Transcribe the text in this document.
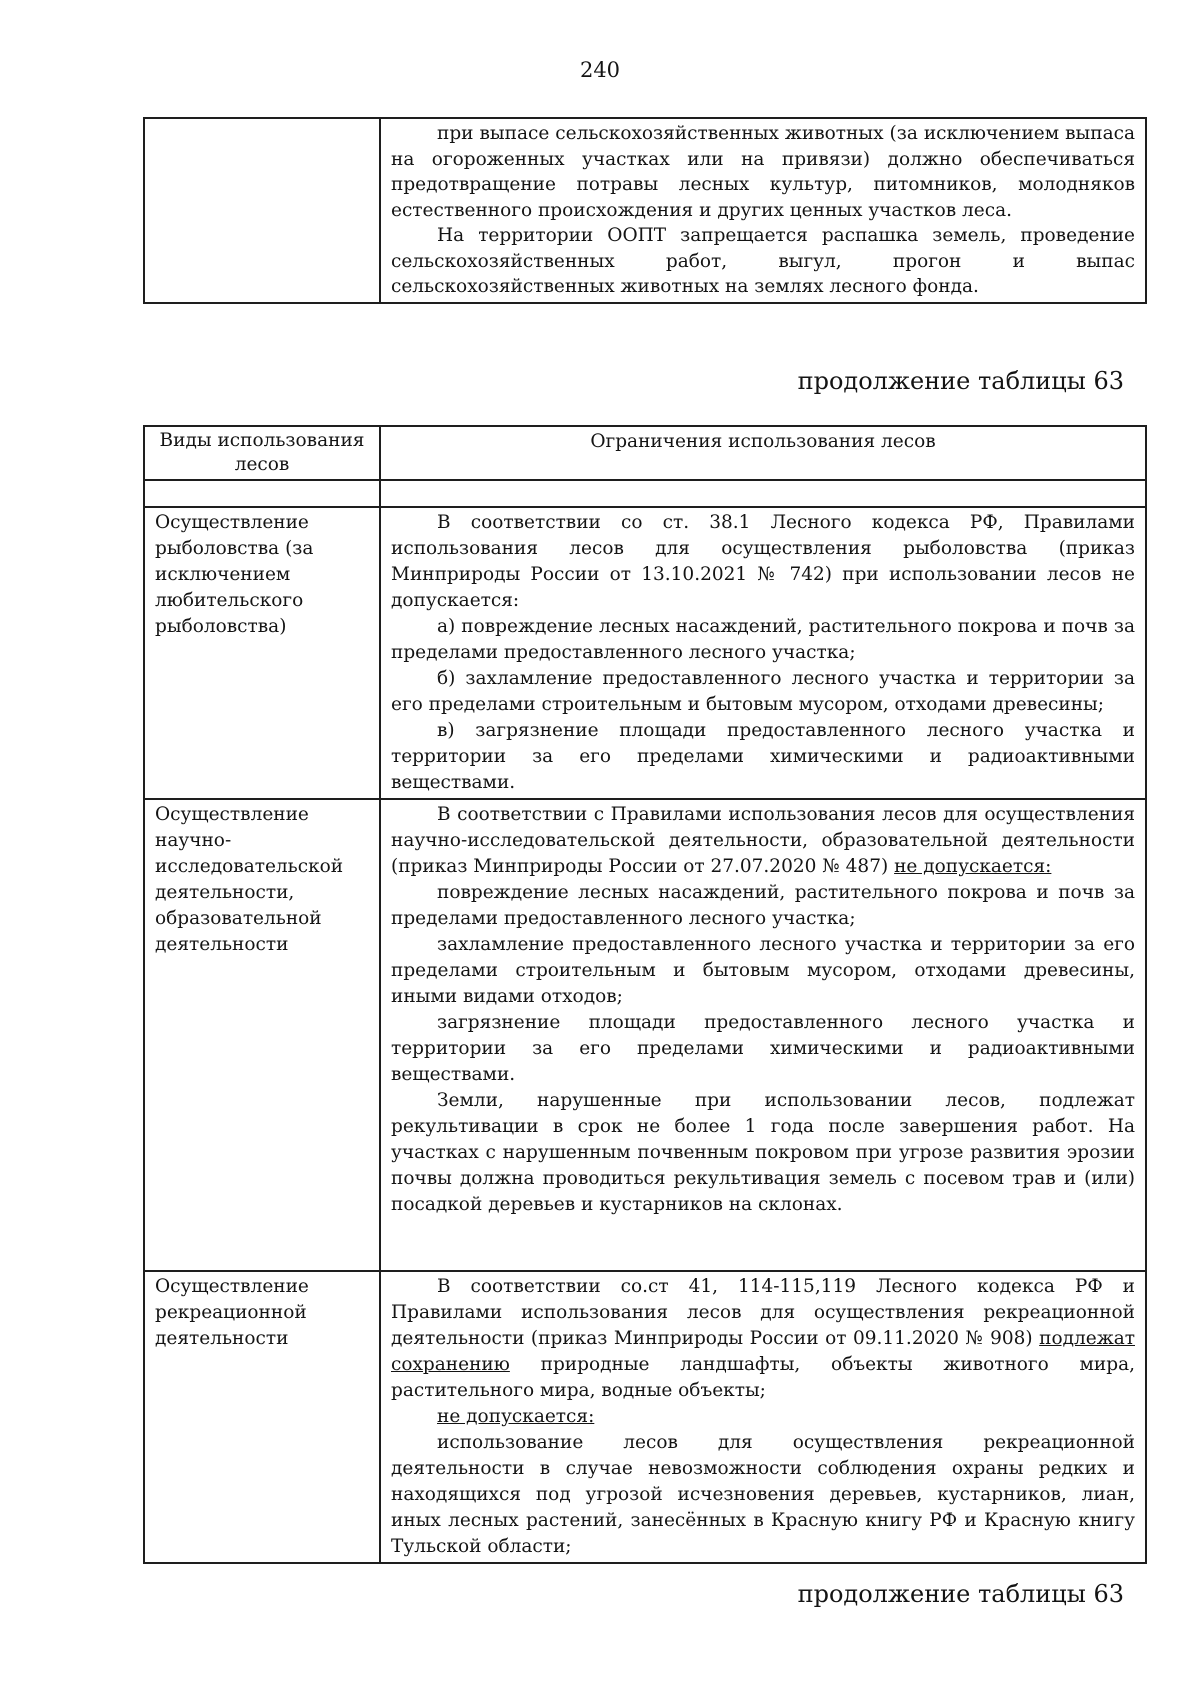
240

при выпасе сельскохозяйственных животных (за исключением выпаса на огороженных участках или на привязи) должно обеспечиваться предотвращение потравы лесных культур, питомников, молодняков естественного происхождения и других ценных участков леса.

На территории ООПТ запрещается распашка земель, проведение сельскохозяйственных работ, выгул, прогон и выпас сельскохозяйственных животных на землях лесного фонда.

продолжение таблицы 63
Виды использования лесов	Ограничения использования лесов

Осуществление рыболовства (за исключением любительского рыболовства)	В соответствии со ст. 38.1 Лесного кодекса РФ, Правилами использования лесов для осуществления рыболовства (приказ Минприроды России от 13.10.2021 № 742) при использовании лесов не допускается:

а) повреждение лесных насаждений, растительного покрова и почв за пределами предоставленного лесного участка;

б) захламление предоставленного лесного участка и территории за его пределами строительным и бытовым мусором, отходами древесины;

в) загрязнение площади предоставленного лесного участка и территории за его пределами химическими и радиоактивными веществами.

Осуществление научно-исследовательской деятельности, образовательной деятельности	В соответствии с Правилами использования лесов для осуществления научно-исследовательской деятельности, образовательной деятельности (приказ Минприроды России от 27.07.2020 № 487) не допускается:

повреждение лесных насаждений, растительного покрова и почв за пределами предоставленного лесного участка;

захламление предоставленного лесного участка и территории за его пределами строительным и бытовым мусором, отходами древесины, иными видами отходов;

загрязнение площади предоставленного лесного участка и территории за его пределами химическими и радиоактивными веществами.

Земли, нарушенные при использовании лесов, подлежат рекультивации в срок не более 1 года после завершения работ. На участках с нарушенным почвенным покровом при угрозе развития эрозии почвы должна проводиться рекультивация земель с посевом трав и (или) посадкой деревьев и кустарников на склонах.

Осуществление рекреационной деятельности	В соответствии со.ст 41, 114-115,119 Лесного кодекса РФ и Правилами использования лесов для осуществления рекреационной деятельности (приказ Минприроды России от 09.11.2020 № 908) подлежат сохранению природные ландшафты, объекты животного мира, растительного мира, водные объекты;

не допускается:

использование лесов для осуществления рекреационной деятельности в случае невозможности соблюдения охраны редких и находящихся под угрозой исчезновения деревьев, кустарников, лиан, иных лесных растений, занесённых в Красную книгу РФ и Красную книгу Тульской области;

продолжение таблицы 63
